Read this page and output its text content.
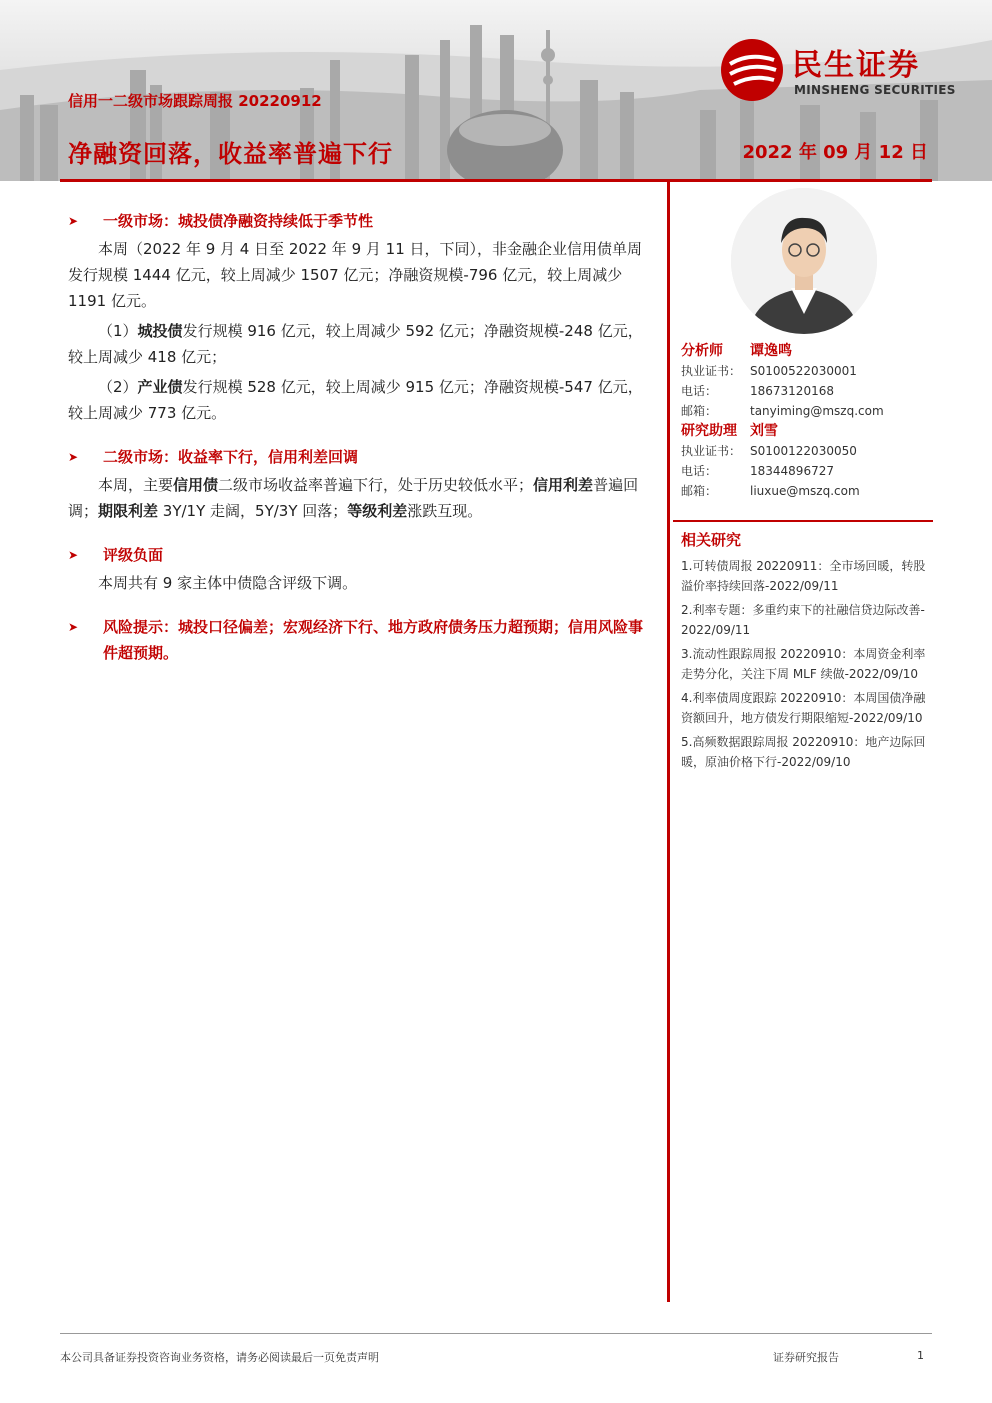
信用一二级市场跟踪周报 20220912
净融资回落，收益率普遍下行	2022 年 09 月 12 日
民生证券
MINSHENG SECURITIES
➤	一级市场：城投债净融资持续低于季节性

本周（2022 年 9 月 4 日至 2022 年 9 月 11 日，下同），非金融企业信用债单周发行规模 1444 亿元，较上周减少 1507 亿元；净融资规模-796 亿元，较上周减少 1191 亿元。

（1）城投债发行规模 916 亿元，较上周减少 592 亿元；净融资规模-248 亿元，较上周减少 418 亿元；

（2）产业债发行规模 528 亿元，较上周减少 915 亿元；净融资规模-547 亿元，较上周减少 773 亿元。

➤	二级市场：收益率下行，信用利差回调

本周，主要信用债二级市场收益率普遍下行，处于历史较低水平；信用利差普遍回调；期限利差 3Y/1Y 走阔，5Y/3Y 回落；等级利差涨跌互现。

➤	评级负面

本周共有 9 家主体中债隐含评级下调。

➤	风险提示：城投口径偏差；宏观经济下行、地方政府债务压力超预期；信用风险事件超预期。
分析师 谭逸鸣
执业证书： S0100522030001
电话：	18673120168
邮箱：	tanyiming@mszq.com
研究助理 刘雪
执业证书： S0100122030050
电话：	18344896727
邮箱：	liuxue@mszq.com
相关研究
1.可转债周报 20220911：全市场回暖，转股溢价率持续回落-2022/09/11
2.利率专题：多重约束下的社融信贷边际改善-2022/09/11
3.流动性跟踪周报 20220910：本周资金利率走势分化，关注下周 MLF 续做-2022/09/10
4.利率债周度跟踪 20220910：本周国债净融资额回升，地方债发行期限缩短-2022/09/10
5.高频数据跟踪周报 20220910：地产边际回暖，原油价格下行-2022/09/10
本公司具备证券投资咨询业务资格，请务必阅读最后一页免责声明	证券研究报告	1
